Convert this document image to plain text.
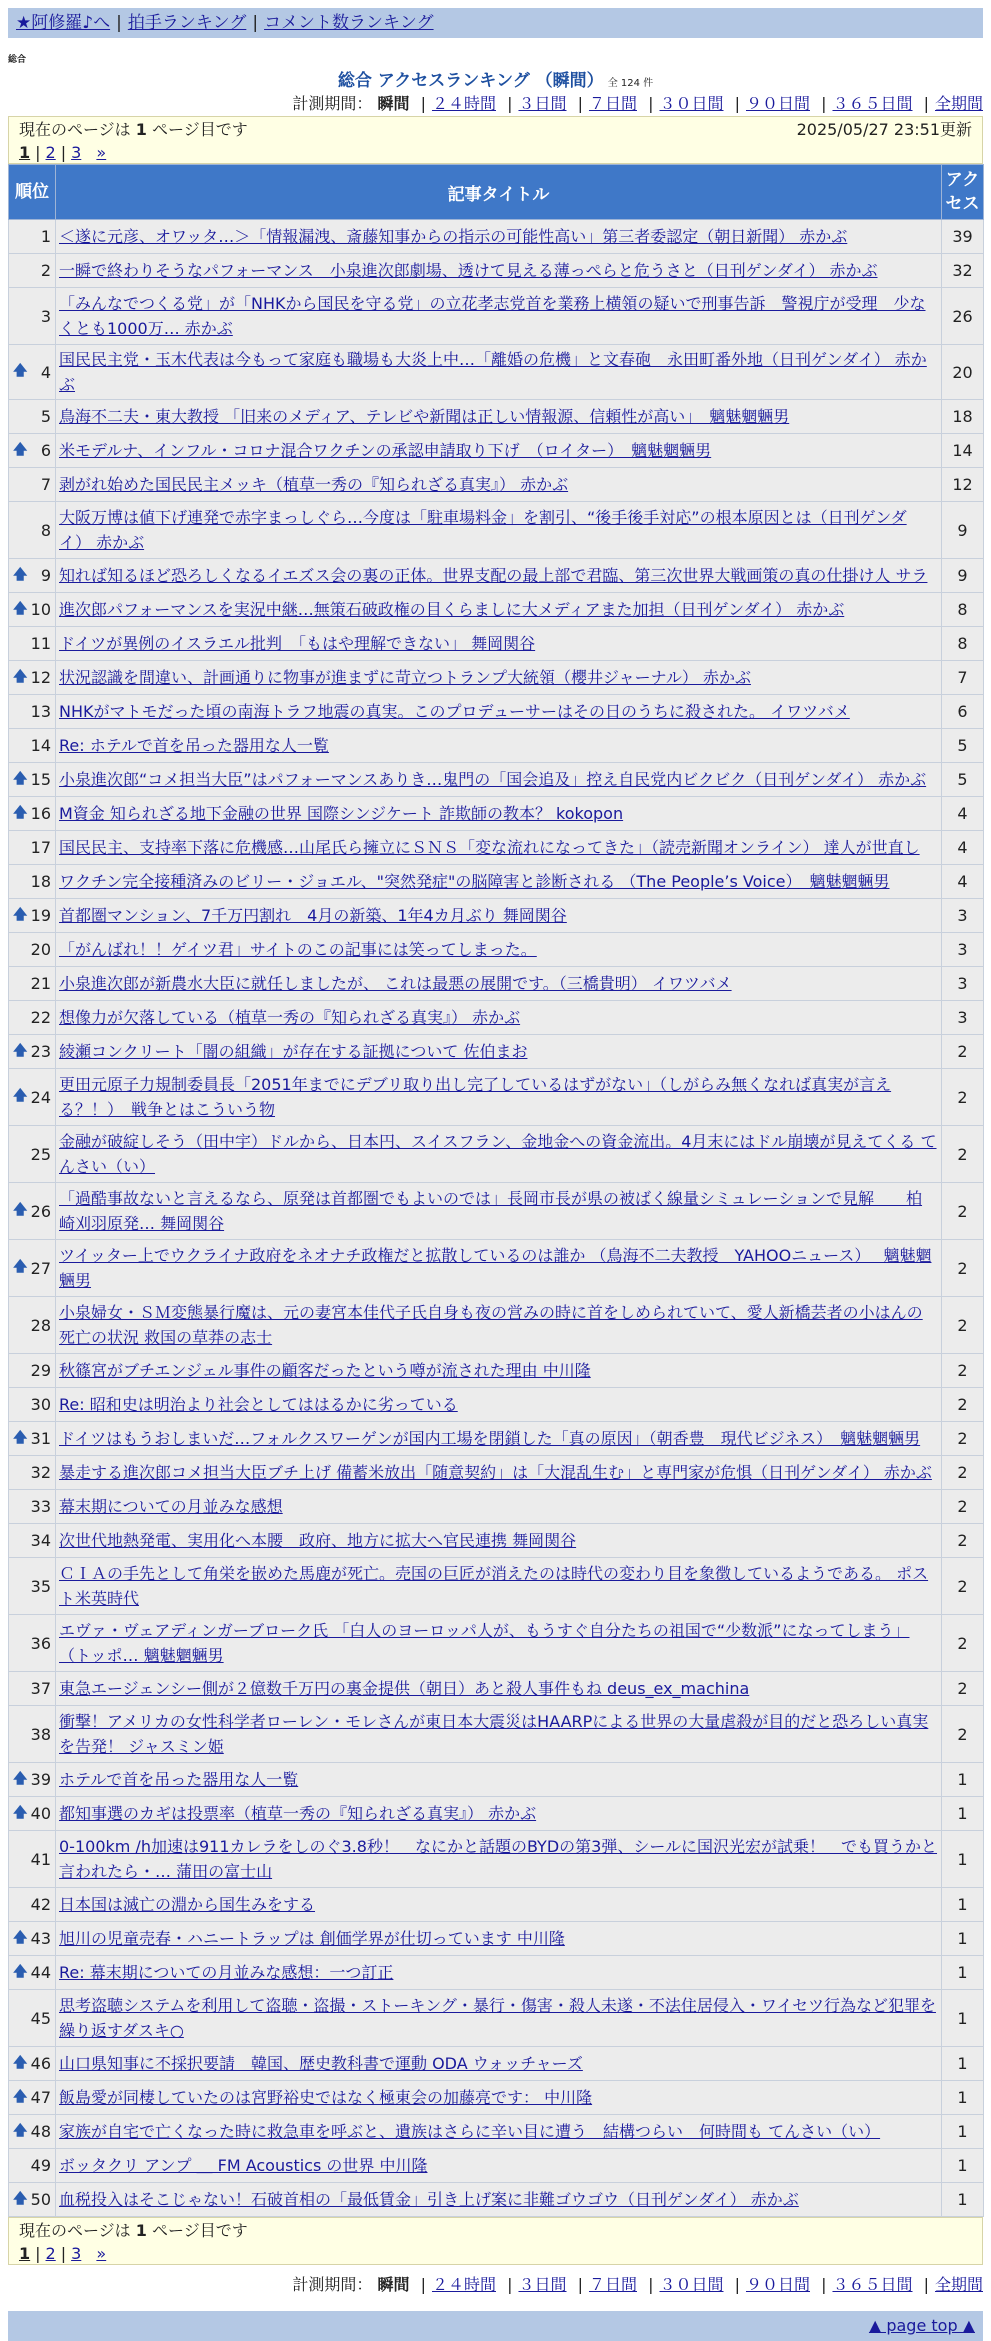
★阿修羅♪へ | 拍手ランキング | コメント数ランキング
総合
総合 アクセスランキング （瞬間） 全 124 件
計測期間： 瞬間 | ２４時間 | ３日間 | ７日間 | ３０日間 | ９０日間 | ３６５日間 | 全期間
現在のページは 1 ページ目です	2025/05/27 23:51更新
1 | 2 | 3 »
順位	記事タイトル	アクセス
1	＜遂に元彦、オワッタ…＞「情報漏洩、斎藤知事からの指示の可能性高い」第三者委認定（朝日新聞） 赤かぶ	39
2	一瞬で終わりそうなパフォーマンス　小泉進次郎劇場、透けて見える薄っぺらと危うさと（日刊ゲンダイ） 赤かぶ	32
3	「みんなでつくる党」が「NHKから国民を守る党」の立花孝志党首を業務上横領の疑いで刑事告訴　警視庁が受理　少なくとも1000万… 赤かぶ	26

🡅 4	国民民主党・玉木代表は今もって家庭も職場も大炎上中…「離婚の危機」と文春砲　永田町番外地（日刊ゲンダイ） 赤かぶ	20
5	鳥海不二夫・東大教授 「旧来のメディア、テレビや新聞は正しい情報源、信頼性が高い」　魑魅魍魎男	18

🡅 6	米モデルナ、インフル・コロナ混合ワクチンの承認申請取り下げ　（ロイター）　魑魅魍魎男	14
7	剥がれ始めた国民民主メッキ（植草一秀の『知られざる真実』） 赤かぶ	12
8	大阪万博は値下げ連発で赤字まっしぐら…今度は「駐車場料金」を割引、“後手後手対応”の根本原因とは（日刊ゲンダイ） 赤かぶ	9

🡅 9	知れば知るほど恐ろしくなるイエズス会の裏の正体。世界支配の最上部で君臨、第三次世界大戦画策の真の仕掛け人 サラ	9

🡅 10	進次郎パフォーマンスを実況中継…無策石破政権の目くらましに大メディアまた加担（日刊ゲンダイ） 赤かぶ	8
11	ドイツが異例のイスラエル批判　「もはや理解できない」 舞岡関谷	8

🡅 12	状況認識を間違い、計画通りに物事が進まずに苛立つトランプ大統領（櫻井ジャーナル） 赤かぶ	7
13	NHKがマトモだった頃の南海トラフ地震の真実。このプロデューサーはその日のうちに殺された。 イワツバメ	6
14	Re: ホテルで首を吊った器用な人一覧	5

🡅 15	小泉進次郎“コメ担当大臣”はパフォーマンスありき…鬼門の「国会追及」控え自民党内ビクビク（日刊ゲンダイ） 赤かぶ	5

🡅 16	M資金 知られざる地下金融の世界 国際シンジケート 詐欺師の教本？ kokopon	4
17	国民民主、支持率下落に危機感…山尾氏ら擁立にＳＮＳ「変な流れになってきた」（読売新聞オンライン） 達人が世直し	4
18	ワクチン完全接種済みのビリー・ジョエル、"突然発症"の脳障害と診断される （The People’s Voice）　魑魅魍魎男	4

🡅 19	首都圏マンション、7千万円割れ　4月の新築、1年4カ月ぶり 舞岡関谷	3
20	「がんばれ！！ゲイツ君」サイトのこの記事には笑ってしまった。	3
21	小泉進次郎が新農水大臣に就任しましたが、 これは最悪の展開です。（三橋貴明） イワツバメ	3
22	想像力が欠落している（植草一秀の『知られざる真実』） 赤かぶ	3

🡅 23	綾瀬コンクリート「闇の組織」が存在する証拠について 佐伯まお	2

🡅 24	更田元原子力規制委員長「2051年までにデブリ取り出し完了しているはずがない」（しがらみ無くなれば真実が言える？！）　戦争とはこういう物	2
25	金融が破綻しそう（田中宇）ドルから、日本円、スイスフラン、金地金への資金流出。4月末にはドル崩壊が見えてくる てんさい（い）	2

🡅 26	「過酷事故ないと言えるなら、原発は首都圏でもよいのでは」長岡市長が県の被ばく線量シミュレーションで見解　　柏崎刈羽原発… 舞岡関谷	2

🡅 27	ツイッター上でウクライナ政府をネオナチ政権だと拡散しているのは誰か （鳥海不二夫教授　YAHOOニュース）　 魑魅魍魎男	2
28	小泉婦女・ＳＭ変態暴行魔は、元の妻宮本佳代子氏自身も夜の営みの時に首をしめられていて、愛人新橋芸者の小はんの死亡の状況 救国の草莽の志士	2
29	秋篠宮がブチエンジェル事件の顧客だったという噂が流された理由 中川隆	2
30	Re: 昭和史は明治より社会としてははるかに劣っている	2

🡅 31	ドイツはもうおしまいだ…フォルクスワーゲンが国内工場を閉鎖した「真の原因」（朝香豊　現代ビジネス）　魑魅魍魎男	2
32	暴走する進次郎コメ担当大臣ブチ上げ 備蓄米放出「随意契約」は「大混乱生む」と専門家が危惧（日刊ゲンダイ） 赤かぶ	2
33	幕末期についての月並みな感想	2
34	次世代地熱発電、実用化へ本腰　政府、地方に拡大へ官民連携 舞岡関谷	2
35	ＣＩＡの手先として角栄を嵌めた馬鹿が死亡。売国の巨匠が消えたのは時代の変わり目を象徴しているようである。 ポスト米英時代	2
36	エヴァ・ヴェアディンガーブローク氏 「白人のヨーロッパ人が、もうすぐ自分たちの祖国で“少数派”になってしまう」 （トッポ… 魑魅魍魎男	2
37	東急エージェンシー側が２億数千万円の裏金提供（朝日）あと殺人事件もね deus_ex_machina	2
38	衝撃！アメリカの女性科学者ローレン・モレさんが東日本大震災はHAARPによる世界の大量虐殺が目的だと恐ろしい真実を告発！ ジャスミン姫	2

🡅 39	ホテルで首を吊った器用な人一覧	1

🡅 40	都知事選のカギは投票率（植草一秀の『知られざる真実』） 赤かぶ	1
41	0-100km /h加速は911カレラをしのぐ3.8秒！　なにかと話題のBYDの第3弾、シールに国沢光宏が試乗！　でも買うかと言われたら・… 蒲田の富士山	1
42	日本国は滅亡の淵から国生みをする	1

🡅 43	旭川の児童売春・ハニートラップは 創価学界が仕切っています 中川隆	1

🡅 44	Re: 幕末期についての月並みな感想：一つ訂正	1
45	思考盗聴システムを利用して盗聴・盗撮・ストーキング・暴行・傷害・殺人未遂・不法住居侵入・ワイセツ行為など犯罪を繰り返すダスキ○	1

🡅 46	山口県知事に不採択要請　韓国、歴史教科書で運動 ODA ウォッチャーズ	1

🡅 47	飯島愛が同棲していたのは宮野裕史ではなく極東会の加藤亮です： 中川隆	1

🡅 48	家族が自宅で亡くなった時に救急車を呼ぶと、遺族はさらに辛い目に遭う　結構つらい　何時間も てんさい（い）	1
49	ボッタクリ アンプ ＿ FM Acoustics の世界 中川隆	1

🡅 50	血税投入はそこじゃない！石破首相の「最低賃金」引き上げ案に非難ゴウゴウ（日刊ゲンダイ） 赤かぶ	1
現在のページは 1 ページ目です
1 | 2 | 3 »
計測期間： 瞬間 | ２４時間 | ３日間 | ７日間 | ３０日間 | ９０日間 | ３６５日間 | 全期間
▲ page top ▲
